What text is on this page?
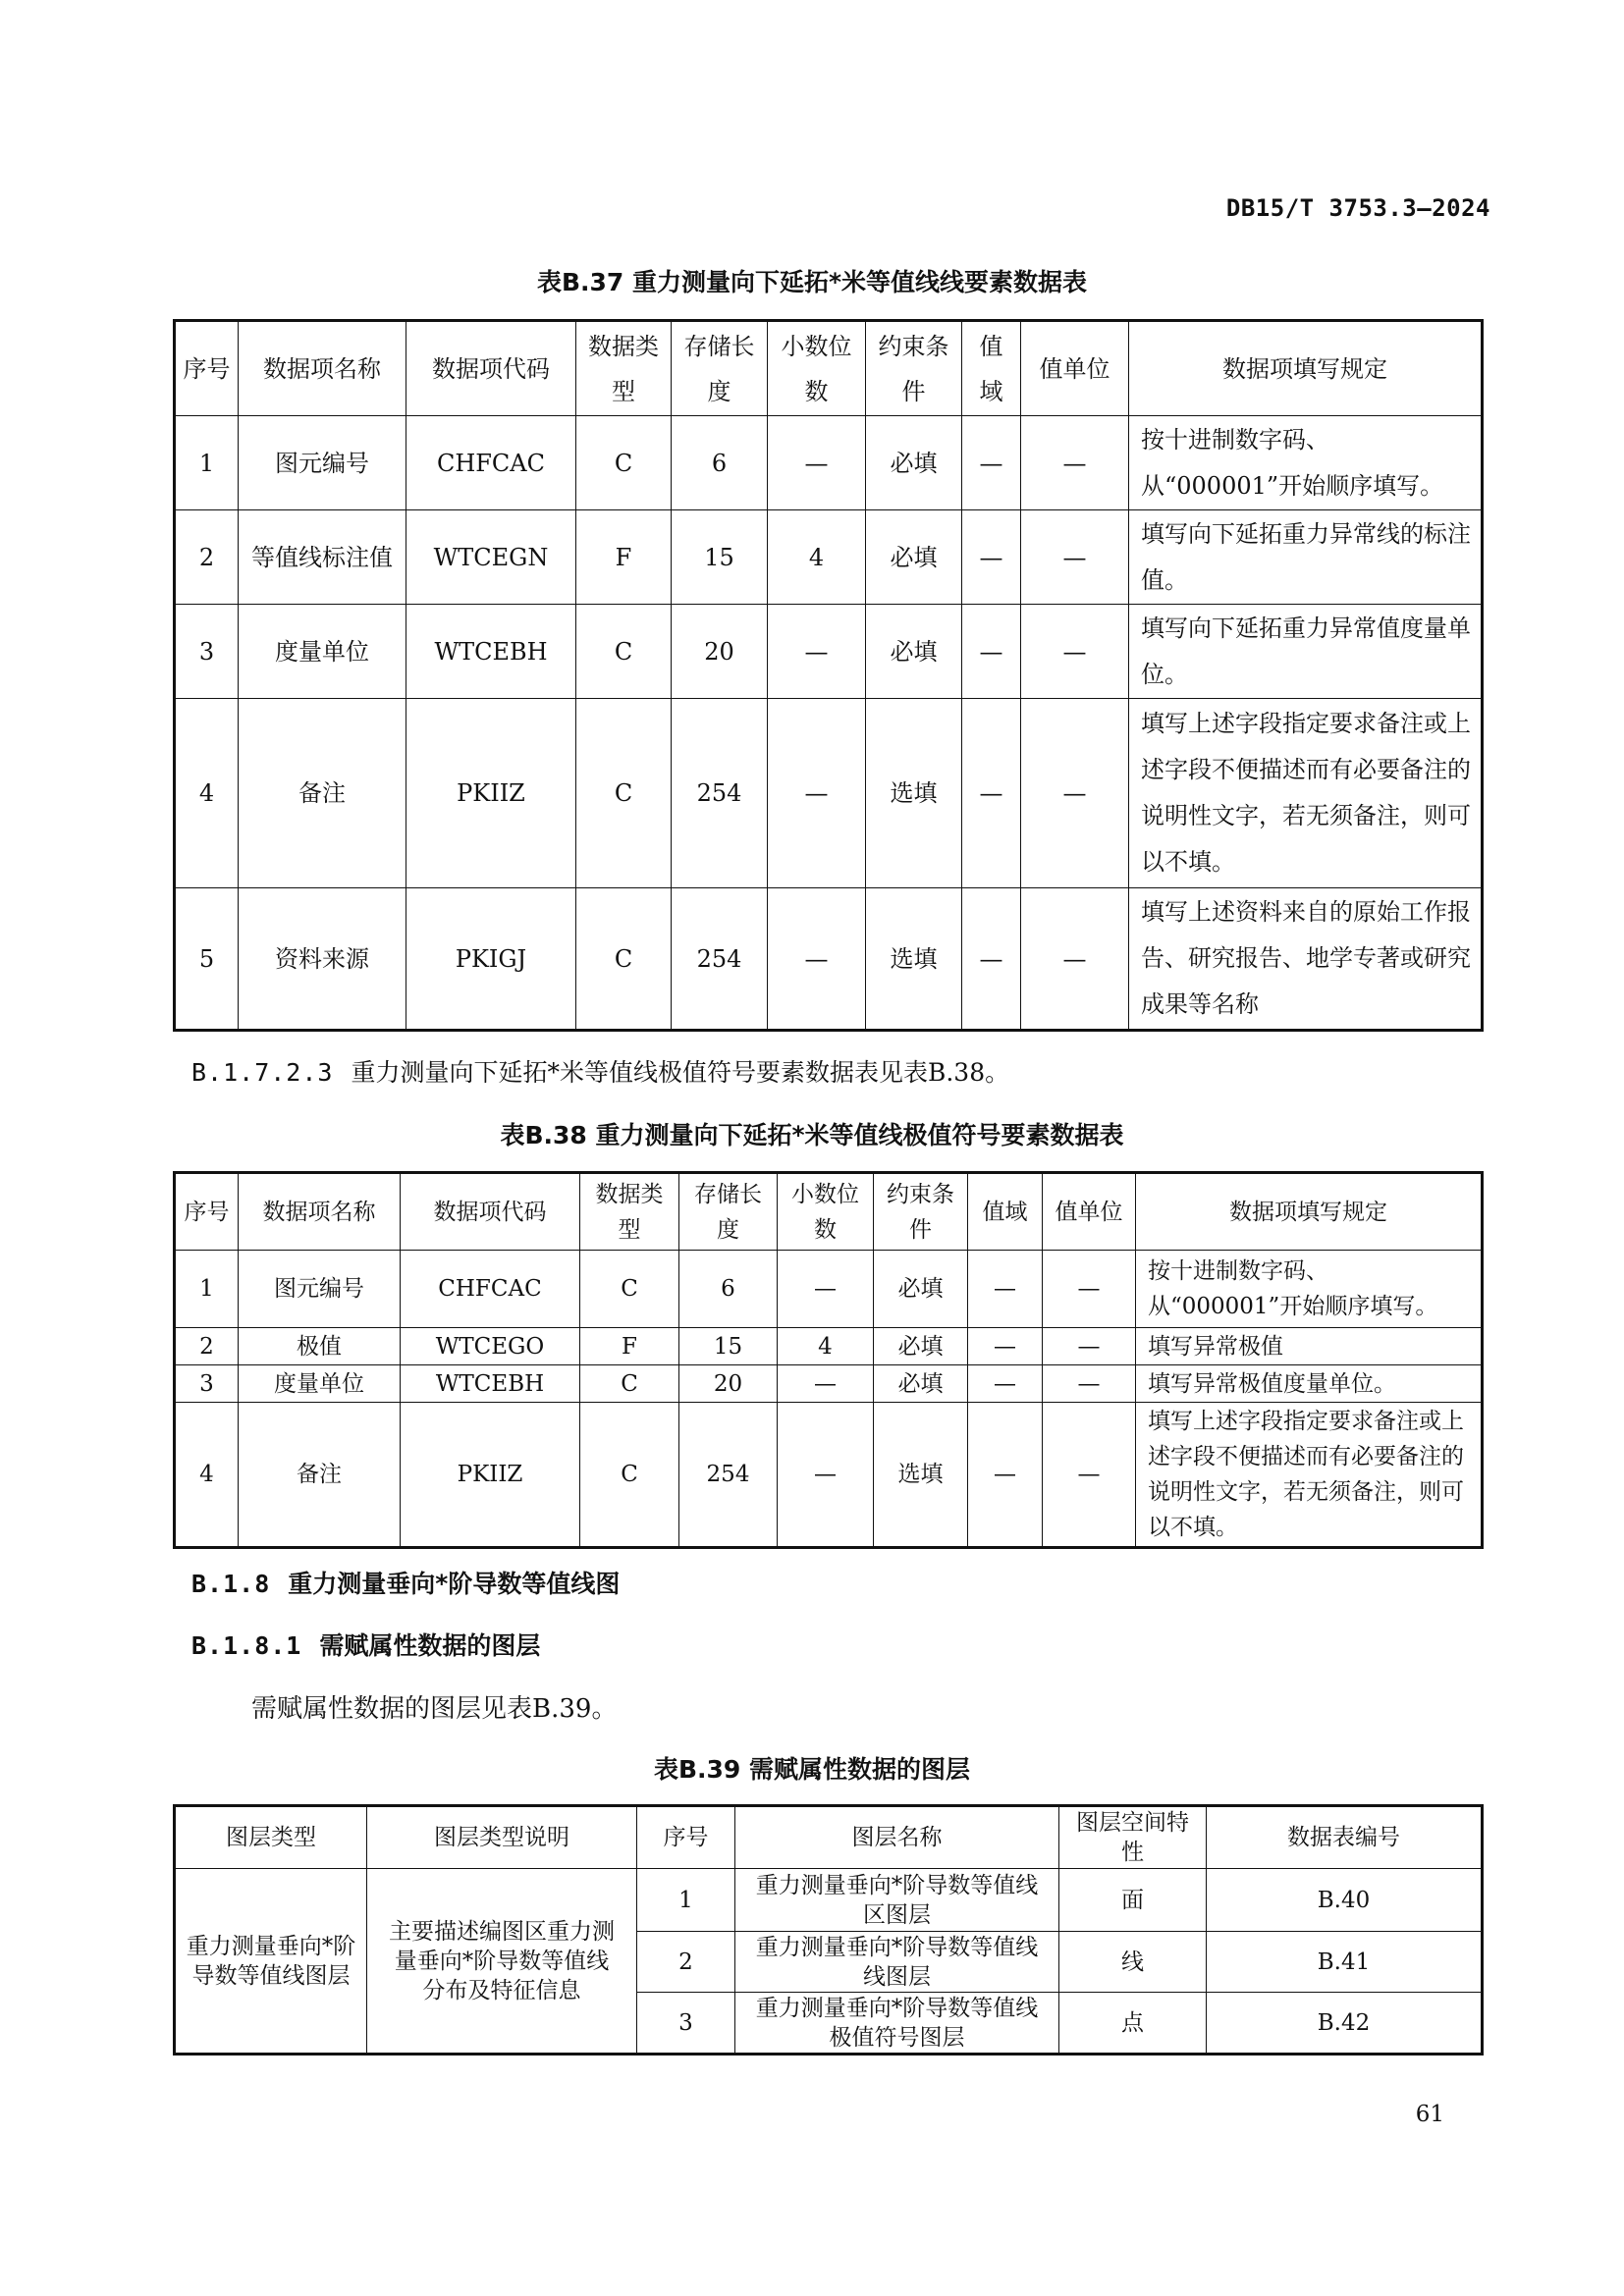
DB15/T 3753.3—2024
表B.37 重力测量向下延拓*米等值线线要素数据表
序号	数据项名称	数据项代码	数据类型	存储长度	小数位数	约束条件	值域	值单位	数据项填写规定
1	图元编号	CHFCAC	C	6	—	必填	—	—	按十进制数字码、从“000001”开始顺序填写。
2	等值线标注值	WTCEGN	F	15	4	必填	—	—	填写向下延拓重力异常线的标注值。
3	度量单位	WTCEBH	C	20	—	必填	—	—	填写向下延拓重力异常值度量单位。
4	备注	PKIIZ	C	254	—	选填	—	—	填写上述字段指定要求备注或上述字段不便描述而有必要备注的说明性文字，若无须备注，则可以不填。
5	资料来源	PKIGJ	C	254	—	选填	—	—	填写上述资料来自的原始工作报告、研究报告、地学专著或研究成果等名称
B.1.7.2.3 重力测量向下延拓*米等值线极值符号要素数据表见表B.38。
表B.38 重力测量向下延拓*米等值线极值符号要素数据表
序号	数据项名称	数据项代码	数据类型	存储长度	小数位数	约束条件	值域	值单位	数据项填写规定
1	图元编号	CHFCAC	C	6	—	必填	—	—	按十进制数字码、从“000001”开始顺序填写。
2	极值	WTCEGO	F	15	4	必填	—	—	填写异常极值
3	度量单位	WTCEBH	C	20	—	必填	—	—	填写异常极值度量单位。
4	备注	PKIIZ	C	254	—	选填	—	—	填写上述字段指定要求备注或上述字段不便描述而有必要备注的说明性文字，若无须备注，则可以不填。
B.1.8 重力测量垂向*阶导数等值线图
B.1.8.1 需赋属性数据的图层
需赋属性数据的图层见表B.39。
表B.39 需赋属性数据的图层
图层类型	图层类型说明	序号	图层名称	图层空间特性	数据表编号
重力测量垂向*阶导数等值线图层	主要描述编图区重力测量垂向*阶导数等值线分布及特征信息	1	重力测量垂向*阶导数等值线区图层	面	B.40
		2	重力测量垂向*阶导数等值线线图层	线	B.41
		3	重力测量垂向*阶导数等值线极值符号图层	点	B.42
61
